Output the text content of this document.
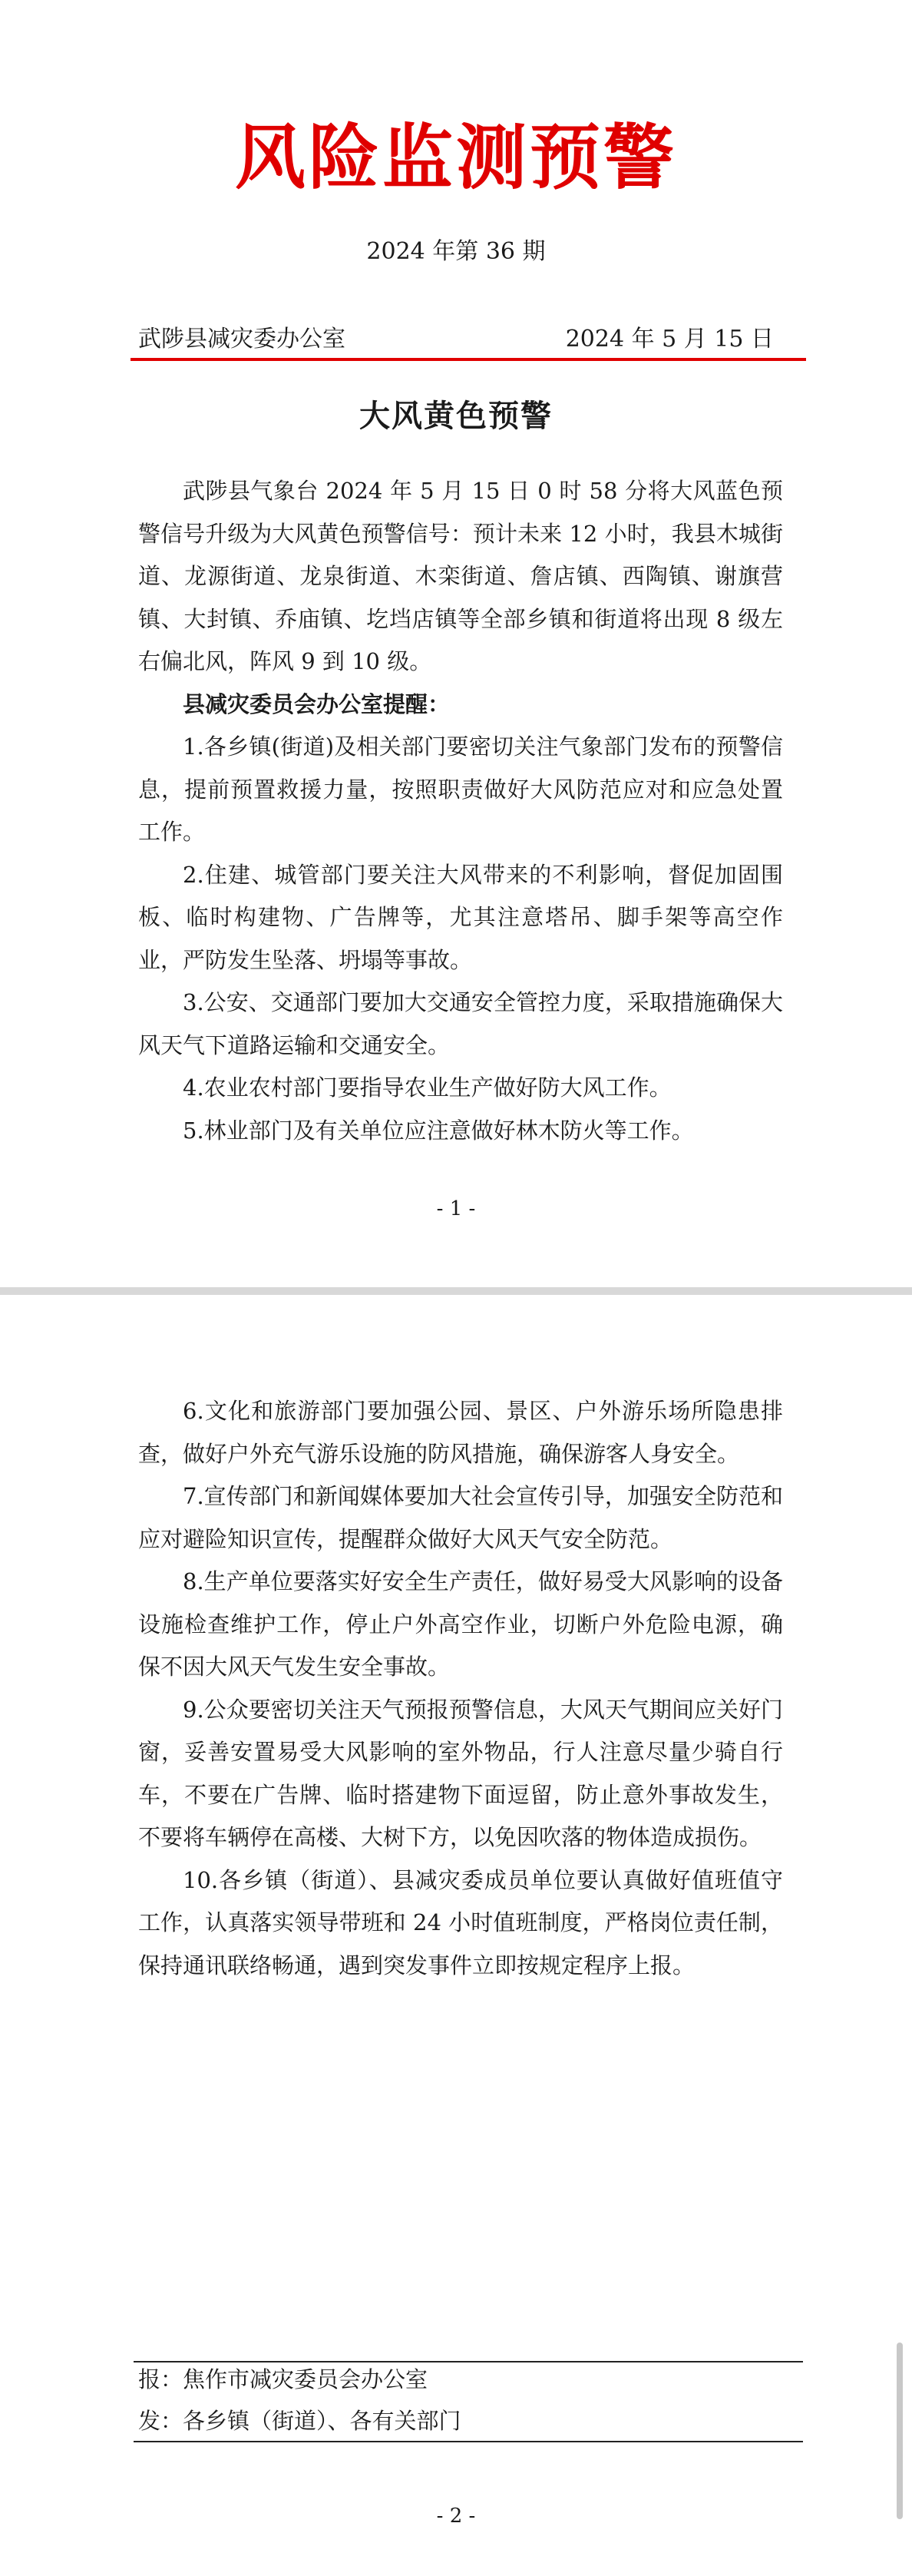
风险监测预警
2024 年第 36 期
武陟县减灾委办公室	2024 年 5 月 15 日
大风黄色预警

武陟县气象台 2024 年 5 月 15 日 0 时 58 分将大风蓝色预警信号升级为大风黄色预警信号：预计未来 12 小时，我县木城街道、龙源街道、龙泉街道、木栾街道、詹店镇、西陶镇、谢旗营镇、大封镇、乔庙镇、圪垱店镇等全部乡镇和街道将出现 8 级左右偏北风，阵风 9 到 10 级。

县减灾委员会办公室提醒：

1.各乡镇(街道)及相关部门要密切关注气象部门发布的预警信息，提前预置救援力量，按照职责做好大风防范应对和应急处置工作。

2.住建、城管部门要关注大风带来的不利影响，督促加固围板、临时构建物、广告牌等，尤其注意塔吊、脚手架等高空作业，严防发生坠落、坍塌等事故。

3.公安、交通部门要加大交通安全管控力度，采取措施确保大风天气下道路运输和交通安全。

4.农业农村部门要指导农业生产做好防大风工作。

5.林业部门及有关单位应注意做好林木防火等工作。

- 1 -

6.文化和旅游部门要加强公园、景区、户外游乐场所隐患排查，做好户外充气游乐设施的防风措施，确保游客人身安全。

7.宣传部门和新闻媒体要加大社会宣传引导，加强安全防范和应对避险知识宣传，提醒群众做好大风天气安全防范。

8.生产单位要落实好安全生产责任，做好易受大风影响的设备设施检查维护工作，停止户外高空作业，切断户外危险电源，确保不因大风天气发生安全事故。

9.公众要密切关注天气预报预警信息，大风天气期间应关好门窗，妥善安置易受大风影响的室外物品，行人注意尽量少骑自行车，不要在广告牌、临时搭建物下面逗留，防止意外事故发生，不要将车辆停在高楼、大树下方，以免因吹落的物体造成损伤。

10.各乡镇（街道）、县减灾委成员单位要认真做好值班值守工作，认真落实领导带班和 24 小时值班制度，严格岗位责任制，保持通讯联络畅通，遇到突发事件立即按规定程序上报。

报：焦作市减灾委员会办公室
发：各乡镇（街道）、各有关部门
- 2 -
